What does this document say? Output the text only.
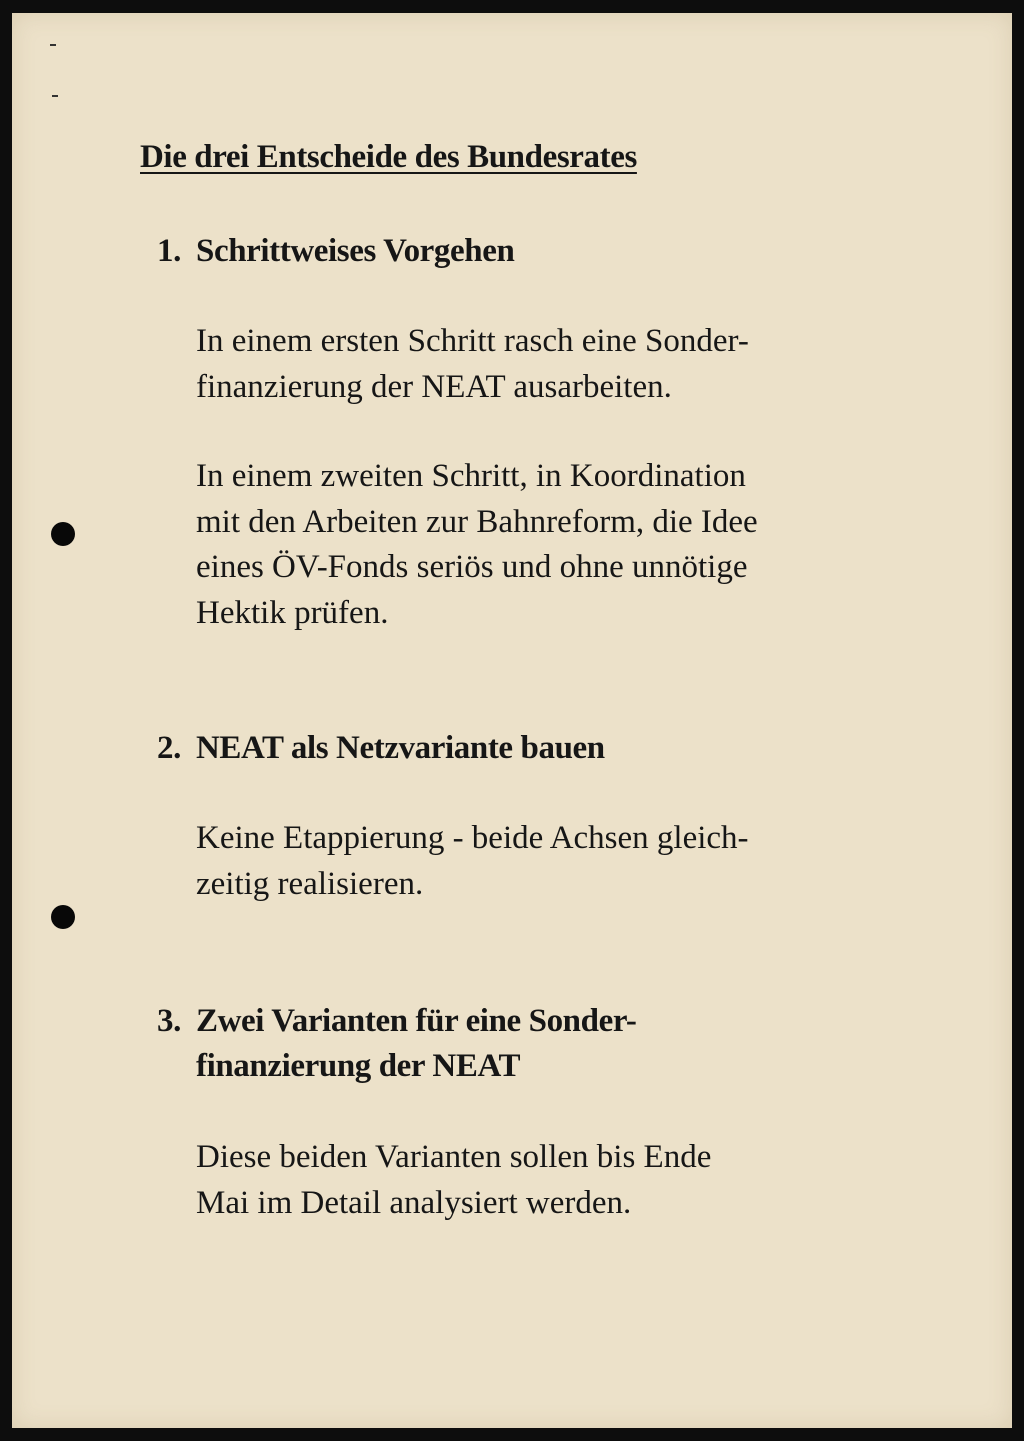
Die drei Entscheide des Bundesrates
1. Schrittweises Vorgehen

In einem ersten Schritt rasch eine Sonder-
finanzierung der NEAT ausarbeiten.

In einem zweiten Schritt, in Koordination
mit den Arbeiten zur Bahnreform, die Idee
eines ÖV-Fonds seriös und ohne unnötige
Hektik prüfen.

2. NEAT als Netzvariante bauen

Keine Etappierung - beide Achsen gleich-
zeitig realisieren.

3. Zwei Varianten für eine Sonder-
finanzierung der NEAT

Diese beiden Varianten sollen bis Ende
Mai im Detail analysiert werden.
